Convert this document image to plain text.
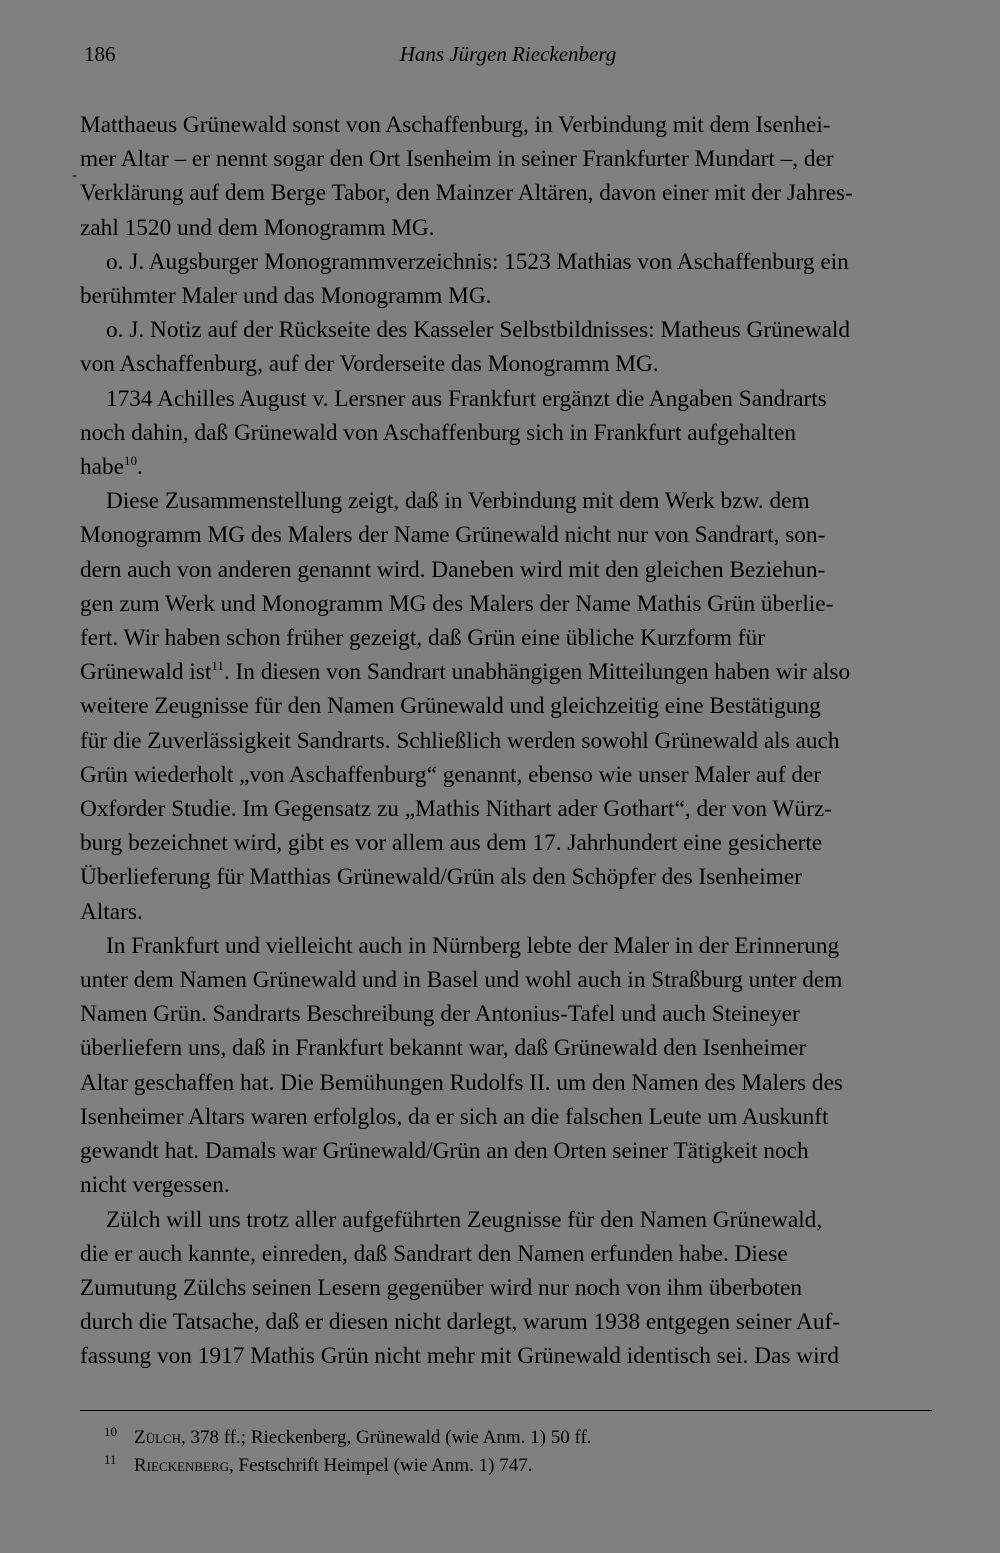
186	Hans Jürgen Rieckenberg

Matthaeus Grünewald sonst von Aschaffenburg, in Verbindung mit dem Isenhei-
mer Altar – er nennt sogar den Ort Isenheim in seiner Frankfurter Mundart –, der
Verklärung auf dem Berge Tabor, den Mainzer Altären, davon einer mit der Jahres-
zahl 1520 und dem Monogramm MG.

o. J. Augsburger Monogrammverzeichnis: 1523 Mathias von Aschaffenburg ein
berühmter Maler und das Monogramm MG.

o. J. Notiz auf der Rückseite des Kasseler Selbstbildnisses: Matheus Grünewald
von Aschaffenburg, auf der Vorderseite das Monogramm MG.

1734 Achilles August v. Lersner aus Frankfurt ergänzt die Angaben Sandrarts
noch dahin, daß Grünewald von Aschaffenburg sich in Frankfurt aufgehalten
habe$^{10}$.

Diese Zusammenstellung zeigt, daß in Verbindung mit dem Werk bzw. dem
Monogramm MG des Malers der Name Grünewald nicht nur von Sandrart, son-
dern auch von anderen genannt wird. Daneben wird mit den gleichen Beziehun-
gen zum Werk und Monogramm MG des Malers der Name Mathis Grün überlie-
fert. Wir haben schon früher gezeigt, daß Grün eine übliche Kurzform für
Grünewald ist$^{11}$. In diesen von Sandrart unabhängigen Mitteilungen haben wir also
weitere Zeugnisse für den Namen Grünewald und gleichzeitig eine Bestätigung
für die Zuverlässigkeit Sandrarts. Schließlich werden sowohl Grünewald als auch
Grün wiederholt „von Aschaffenburg“ genannt, ebenso wie unser Maler auf der
Oxforder Studie. Im Gegensatz zu „Mathis Nithart ader Gothart“, der von Würz-
burg bezeichnet wird, gibt es vor allem aus dem 17. Jahrhundert eine gesicherte
Überlieferung für Matthias Grünewald/Grün als den Schöpfer des Isenheimer
Altars.

In Frankfurt und vielleicht auch in Nürnberg lebte der Maler in der Erinnerung
unter dem Namen Grünewald und in Basel und wohl auch in Straßburg unter dem
Namen Grün. Sandrarts Beschreibung der Antonius-Tafel und auch Steineyer
überliefern uns, daß in Frankfurt bekannt war, daß Grünewald den Isenheimer
Altar geschaffen hat. Die Bemühungen Rudolfs II. um den Namen des Malers des
Isenheimer Altars waren erfolglos, da er sich an die falschen Leute um Auskunft
gewandt hat. Damals war Grünewald/Grün an den Orten seiner Tätigkeit noch
nicht vergessen.

Zülch will uns trotz aller aufgeführten Zeugnisse für den Namen Grünewald,
die er auch kannte, einreden, daß Sandrart den Namen erfunden habe. Diese
Zumutung Zülchs seinen Lesern gegenüber wird nur noch von ihm überboten
durch die Tatsache, daß er diesen nicht darlegt, warum 1938 entgegen seiner Auf-
fassung von 1917 Mathis Grün nicht mehr mit Grünewald identisch sei. Das wird

10 Zülch, 378 ff.; Rieckenberg, Grünewald (wie Anm. 1) 50 ff.
11 Rieckenberg, Festschrift Heimpel (wie Anm. 1) 747.
-
